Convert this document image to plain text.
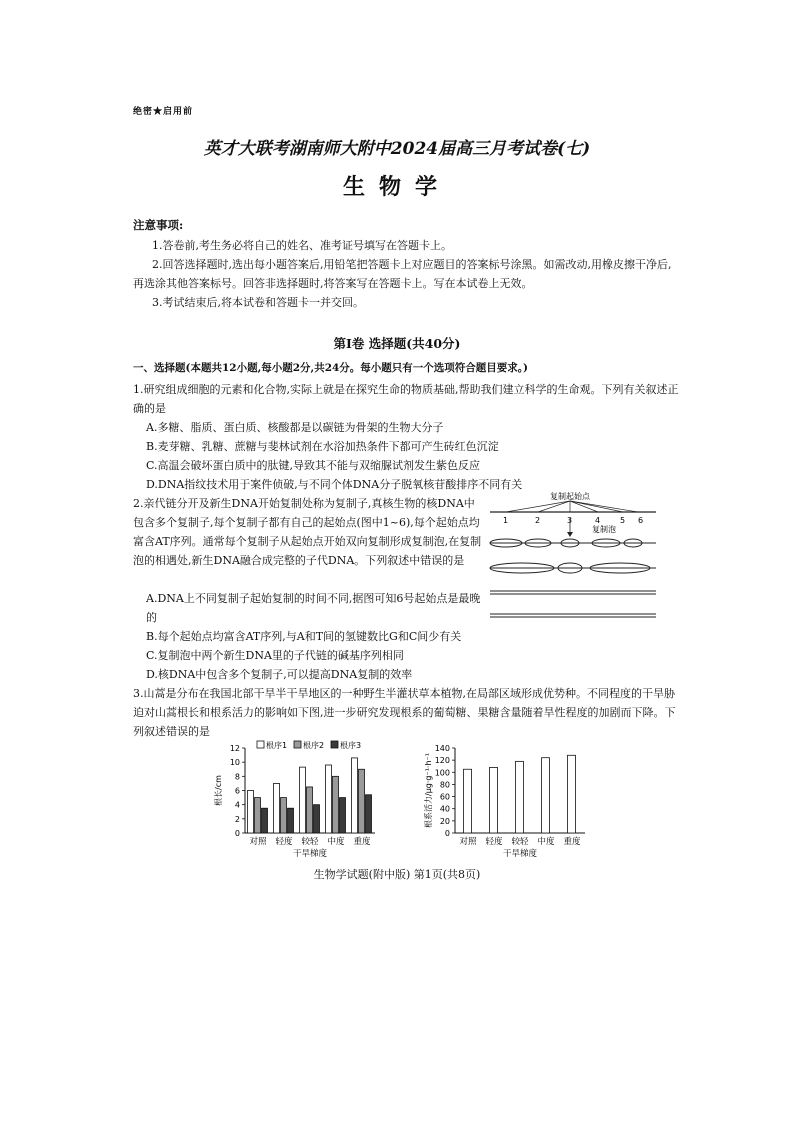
绝密★启用前
英才大联考湖南师大附中2024届高三月考试卷(七)
生物学
注意事项:
1.答卷前,考生务必将自己的姓名、准考证号填写在答题卡上。
2.回答选择题时,选出每小题答案后,用铅笔把答题卡上对应题目的答案标号涂黑。如需改动,用橡皮擦干净后,再选涂其他答案标号。回答非选择题时,将答案写在答题卡上。写在本试卷上无效。
3.考试结束后,将本试卷和答题卡一并交回。
第Ⅰ卷 选择题(共40分)
一、选择题(本题共12小题,每小题2分,共24分。每小题只有一个选项符合题目要求。)
1.研究组成细胞的元素和化合物,实际上就是在探究生命的物质基础,帮助我们建立科学的生命观。下列有关叙述正确的是
A.多糖、脂质、蛋白质、核酸都是以碳链为骨架的生物大分子
B.麦芽糖、乳糖、蔗糖与斐林试剂在水浴加热条件下都可产生砖红色沉淀
C.高温会破坏蛋白质中的肽键,导致其不能与双缩脲试剂发生紫色反应
D.DNA指纹技术用于案件侦破,与不同个体DNA分子脱氧核苷酸排序不同有关
2.亲代链分开及新生DNA开始复制处称为复制子,真核生物的核DNA中包含多个复制子,每个复制子都有自己的起始点(图中1~6),每个起始点均富含AT序列。通常每个复制子从起始点开始双向复制形成复制泡,在复制泡的相遇处,新生DNA融合成完整的子代DNA。下列叙述中错误的是
A.DNA上不同复制子起始复制的时间不同,据图可知6号起始点是最晚的
B.每个起始点均富含AT序列,与A和T间的氢键数比G和C间少有关
C.复制泡中两个新生DNA里的子代链的碱基序列相同
D.核DNA中包含多个复制子,可以提高DNA复制的效率
复制起始点
1	2	3	4 5 6
复制泡
3.山蒿是分布在我国北部干旱半干旱地区的一种野生半灌状草本植物,在局部区域形成优势种。不同程度的干旱胁迫对山蒿根长和根系活力的影响如下图,进一步研究发现根系的葡萄糖、果糖含量随着旱性程度的加剧而下降。下列叙述错误的是
0
2
4
6
8
10
12
根长/cm
对照 轻度 较轻 中度 重度
干旱梯度
根序1 根序2 根序3
0
20
40
60
80
100
120
140
根系活力/μg·g⁻¹·h⁻¹
对照 轻度 较轻 中度 重度
干旱梯度
生物学试题(附中版) 第1页(共8页)
